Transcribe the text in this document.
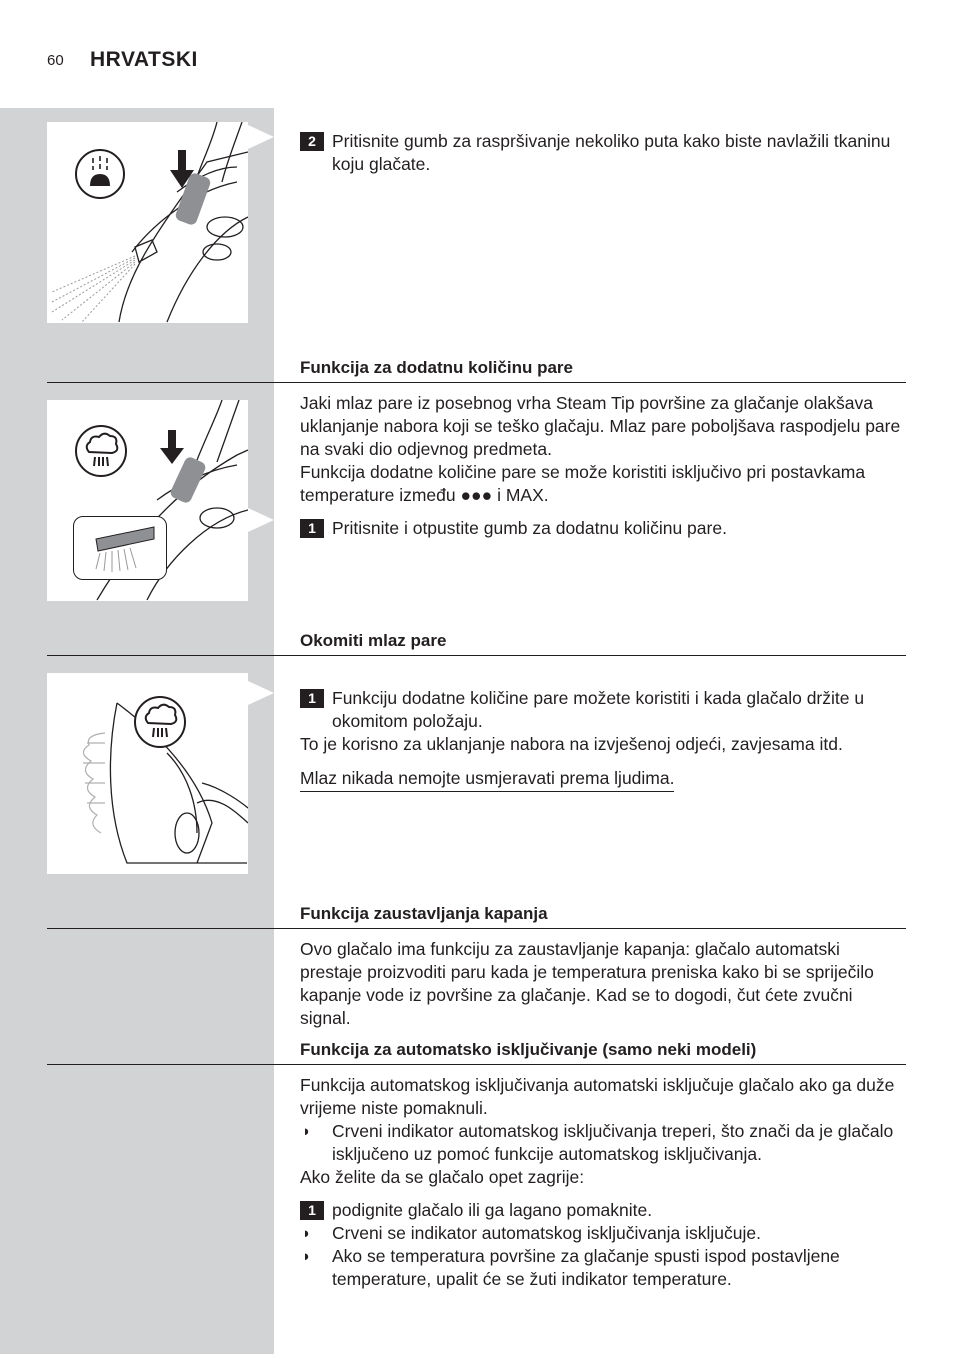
60 HRVATSKI
2 Pritisnite gumb za raspršivanje nekoliko puta kako biste navlažili tkaninu koju glačate.
Funkcija za dodatnu količinu pare

Jaki mlaz pare iz posebnog vrha Steam Tip površine za glačanje olakšava uklanjanje nabora koji se teško glačaju. Mlaz pare poboljšava raspodjelu pare na svaki dio odjevnog predmeta.

Funkcija dodatne količine pare se može koristiti isključivo pri postavkama temperature između ●●● i MAX.

1 Pritisnite i otpustite gumb za dodatnu količinu pare.
Okomiti mlaz pare
1 Funkciju dodatne količine pare možete koristiti i kada glačalo držite u okomitom položaju.

To je korisno za uklanjanje nabora na izvješenoj odjeći, zavjesama itd.

Mlaz nikada nemojte usmjeravati prema ljudima.
Funkcija zaustavljanja kapanja

Ovo glačalo ima funkciju za zaustavljanje kapanja: glačalo automatski prestaje proizvoditi paru kada je temperatura preniska kako bi se spriječilo kapanje vode iz površine za glačanje. Kad se to dogodi, čut ćete zvučni signal.

Funkcija za automatsko isključivanje (samo neki modeli)

Funkcija automatskog isključivanja automatski isključuje glačalo ako ga duže vrijeme niste pomaknuli.

◗ Crveni indikator automatskog isključivanja treperi, što znači da je glačalo isključeno uz pomoć funkcije automatskog isključivanja.

Ako želite da se glačalo opet zagrije:

1 podignite glačalo ili ga lagano pomaknite.
◗ Crveni se indikator automatskog isključivanja isključuje.
◗ Ako se temperatura površine za glačanje spusti ispod postavljene temperature, upalit će se žuti indikator temperature.
